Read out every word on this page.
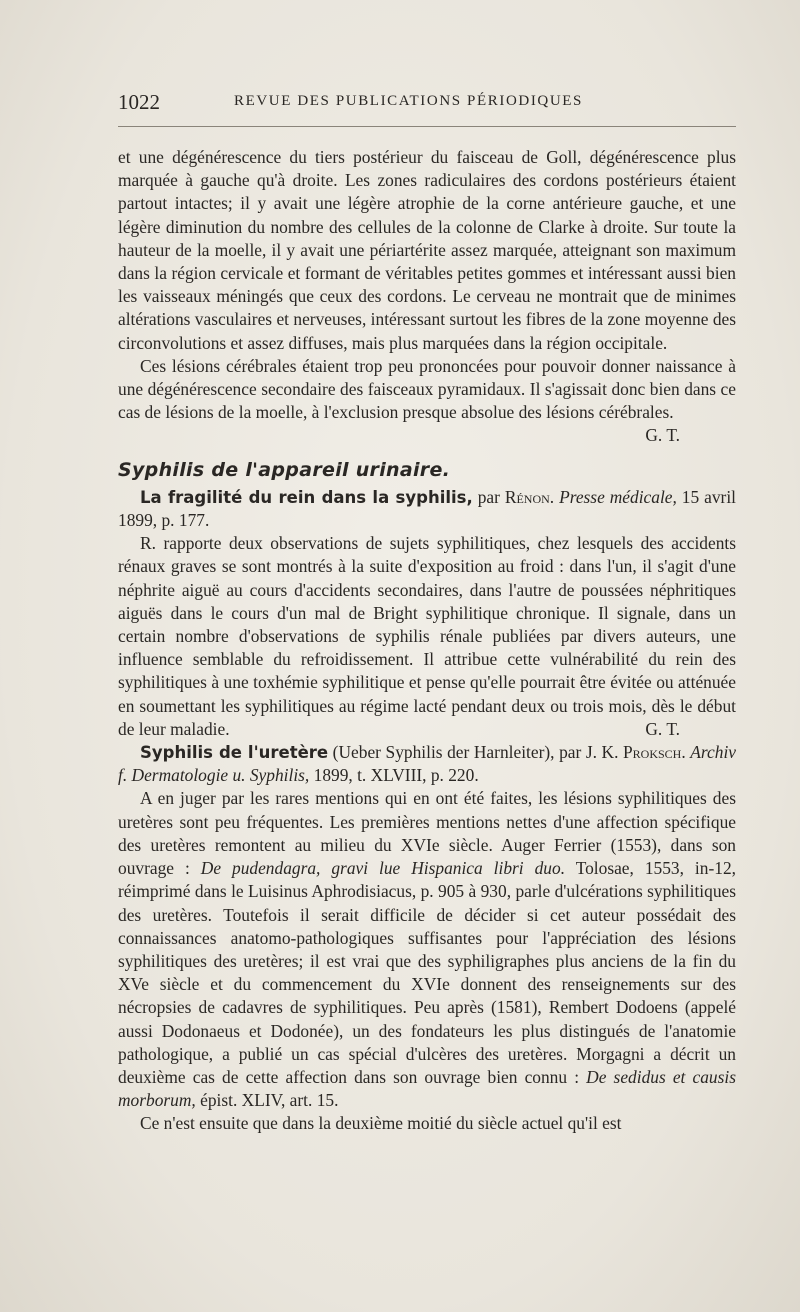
1022	REVUE DES PUBLICATIONS PÉRIODIQUES

et une dégénérescence du tiers postérieur du faisceau de Goll, dégénérescence plus marquée à gauche qu'à droite. Les zones radiculaires des cordons postérieurs étaient partout intactes; il y avait une légère atrophie de la corne antérieure gauche, et une légère diminution du nombre des cellules de la colonne de Clarke à droite. Sur toute la hauteur de la moelle, il y avait une périartérite assez marquée, atteignant son maximum dans la région cervicale et formant de véritables petites gommes et intéressant aussi bien les vaisseaux méningés que ceux des cordons. Le cerveau ne montrait que de minimes altérations vasculaires et nerveuses, intéressant surtout les fibres de la zone moyenne des circonvolutions et assez diffuses, mais plus marquées dans la région occipitale.

Ces lésions cérébrales étaient trop peu prononcées pour pouvoir donner naissance à une dégénérescence secondaire des faisceaux pyramidaux. Il s'agissait donc bien dans ce cas de lésions de la moelle, à l'exclusion presque absolue des lésions cérébrales.
G. T.

Syphilis de l'appareil urinaire.

La fragilité du rein dans la syphilis, par Rénon. Presse médicale, 15 avril 1899, p. 177.

R. rapporte deux observations de sujets syphilitiques, chez lesquels des accidents rénaux graves se sont montrés à la suite d'exposition au froid : dans l'un, il s'agit d'une néphrite aiguë au cours d'accidents secondaires, dans l'autre de poussées néphritiques aiguës dans le cours d'un mal de Bright syphilitique chronique. Il signale, dans un certain nombre d'observations de syphilis rénale publiées par divers auteurs, une influence semblable du refroidissement. Il attribue cette vulnérabilité du rein des syphilitiques à une toxhémie syphilitique et pense qu'elle pourrait être évitée ou atténuée en soumettant les syphilitiques au régime lacté pendant deux ou trois mois, dès le début de leur maladie.	G. T.

Syphilis de l'uretère (Ueber Syphilis der Harnleiter), par J. K. Proksch. Archiv f. Dermatologie u. Syphilis, 1899, t. XLVIII, p. 220.

A en juger par les rares mentions qui en ont été faites, les lésions syphilitiques des uretères sont peu fréquentes. Les premières mentions nettes d'une affection spécifique des uretères remontent au milieu du XVIe siècle. Auger Ferrier (1553), dans son ouvrage : De pudendagra, gravi lue Hispanica libri duo. Tolosae, 1553, in-12, réimprimé dans le Luisinus Aphrodisiacus, p. 905 à 930, parle d'ulcérations syphilitiques des uretères. Toutefois il serait difficile de décider si cet auteur possédait des connaissances anatomo-pathologiques suffisantes pour l'appréciation des lésions syphilitiques des uretères; il est vrai que des syphiligraphes plus anciens de la fin du XVe siècle et du commencement du XVIe donnent des renseignements sur des nécropsies de cadavres de syphilitiques. Peu après (1581), Rembert Dodoens (appelé aussi Dodonaeus et Dodonée), un des fondateurs les plus distingués de l'anatomie pathologique, a publié un cas spécial d'ulcères des uretères. Morgagni a décrit un deuxième cas de cette affection dans son ouvrage bien connu : De sedidus et causis morborum, épist. XLIV, art. 15.

Ce n'est ensuite que dans la deuxième moitié du siècle actuel qu'il est
